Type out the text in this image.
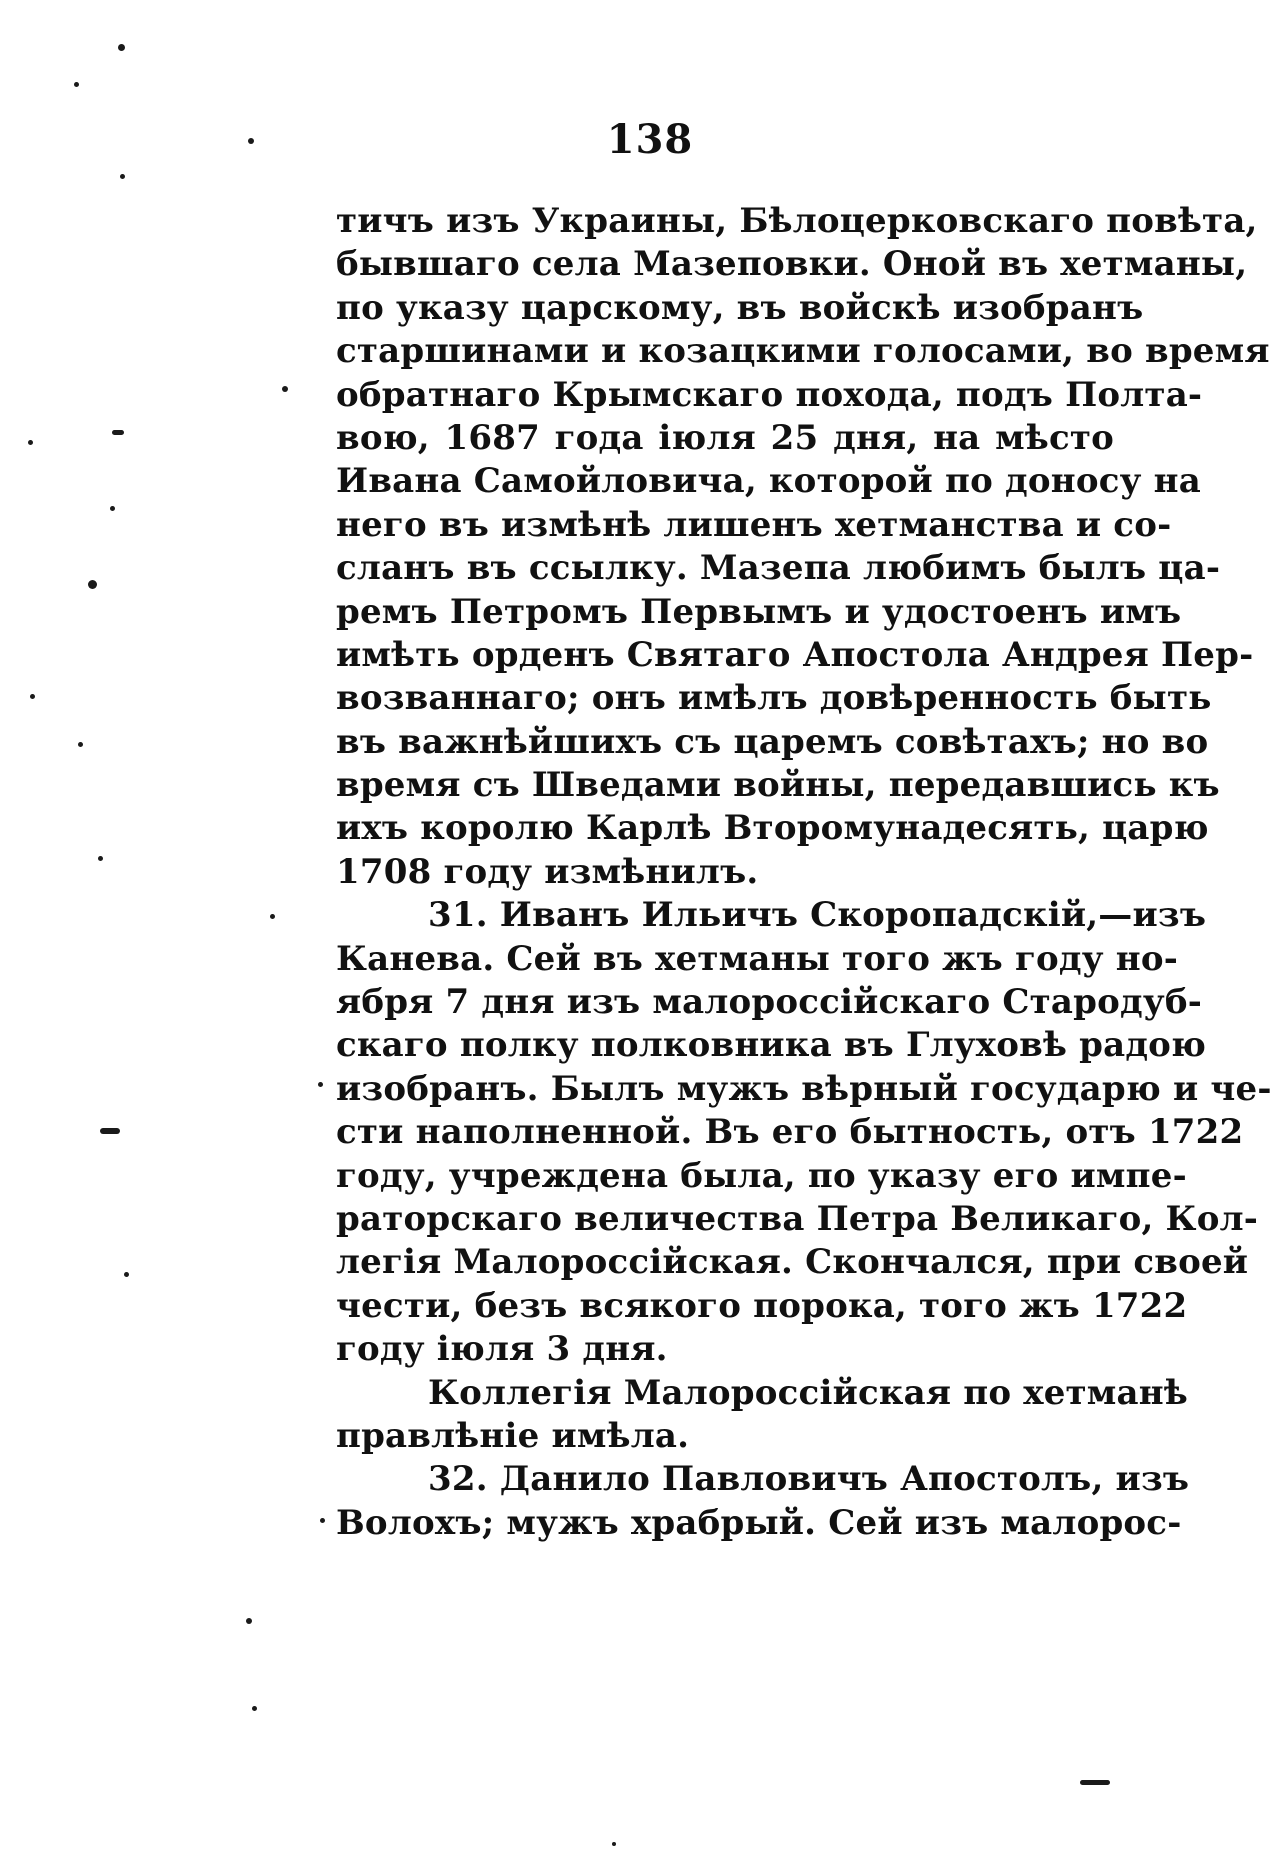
138
тичъ изъ Украины, Бѣлоцерковскаго повѣта,
бывшаго села Мазеповки. Оной въ хетманы,
по указу царскому, въ войскѣ изобранъ
старшинами и козацкими голосами, во время
обратнаго Крымскаго похода, подъ Полта-
вою, 1687 года іюля 25 дня, на мѣсто
Ивана Самойловича, которой по доносу на
него въ измѣнѣ лишенъ хетманства и со-
сланъ въ ссылку. Мазепа любимъ былъ ца-
ремъ Петромъ Первымъ и удостоенъ имъ
имѣть орденъ Святаго Апостола Андрея Пер-
возваннаго; онъ имѣлъ довѣренность быть
въ важнѣйшихъ съ царемъ совѣтахъ; но во
время съ Шведами войны, передавшись къ
ихъ королю Карлѣ Второмунадесять, царю
1708 году измѣнилъ.
31. Иванъ Ильичъ Скоропадскій,—изъ
Канева. Сей въ хетманы того жъ году но-
ября 7 дня изъ малороссійскаго Стародуб-
скаго полку полковника въ Глуховѣ радою
изобранъ. Былъ мужъ вѣрный государю и че-
сти наполненной. Въ его бытность, отъ 1722
году, учреждена была, по указу его импе-
раторскаго величества Петра Великаго, Кол-
легія Малороссійская. Скончался, при своей
чести, безъ всякого порока, того жъ 1722
году іюля 3 дня.
Коллегія Малороссійская по хетманѣ
правлѣніе имѣла.
32. Данило Павловичъ Апостолъ, изъ
Волохъ; мужъ храбрый. Сей изъ малорос-
